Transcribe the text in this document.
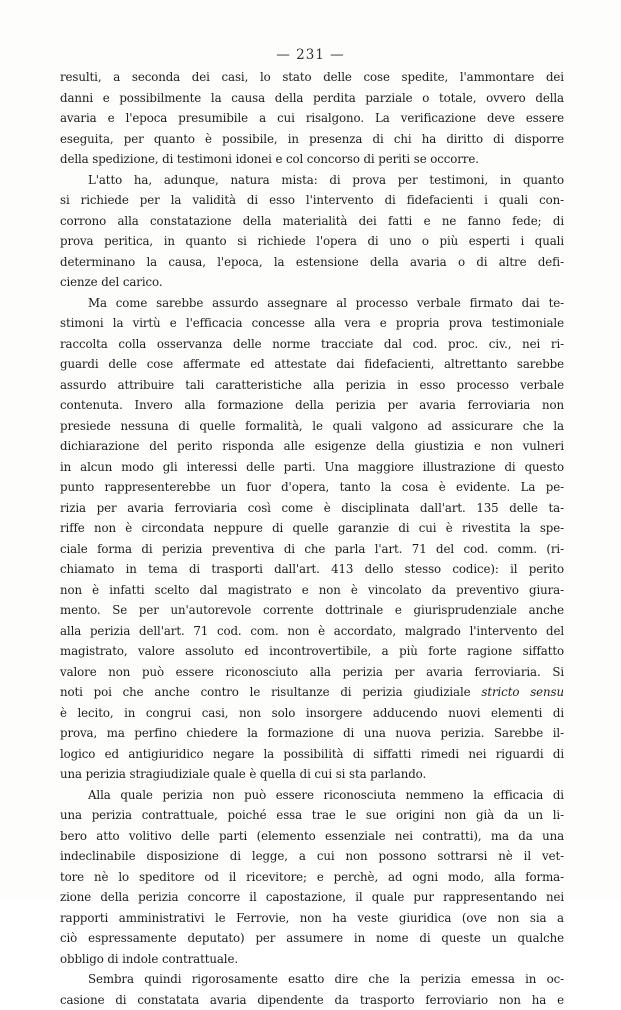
— 231 —
resulti, a seconda dei casi, lo stato delle cose spedite, l'ammontare dei
danni e possibilmente la causa della perdita parziale o totale, ovvero della
avaria e l'epoca presumibile a cui risalgono. La verificazione deve essere
eseguita, per quanto è possibile, in presenza di chi ha diritto di disporre
della spedizione, di testimoni idonei e col concorso di periti se occorre.
L'atto ha, adunque, natura mista: di prova per testimoni, in quanto
si richiede per la validità di esso l'intervento di fidefacienti i quali con-
corrono alla constatazione della materialità dei fatti e ne fanno fede; di
prova peritica, in quanto si richiede l'opera di uno o più esperti i quali
determinano la causa, l'epoca, la estensione della avaria o di altre defi-
cienze del carico.
Ma come sarebbe assurdo assegnare al processo verbale firmato dai te-
stimoni la virtù e l'efficacia concesse alla vera e propria prova testimoniale
raccolta colla osservanza delle norme tracciate dal cod. proc. civ., nei ri-
guardi delle cose affermate ed attestate dai fidefacienti, altrettanto sarebbe
assurdo attribuire tali caratteristiche alla perizia in esso processo verbale
contenuta. Invero alla formazione della perizia per avaria ferroviaria non
presiede nessuna di quelle formalità, le quali valgono ad assicurare che la
dichiarazione del perito risponda alle esigenze della giustizia e non vulneri
in alcun modo gli interessi delle parti. Una maggiore illustrazione di questo
punto rappresenterebbe un fuor d'opera, tanto la cosa è evidente. La pe-
rizia per avaria ferroviaria così come è disciplinata dall'art. 135 delle ta-
riffe non è circondata neppure di quelle garanzie di cui è rivestita la spe-
ciale forma di perizia preventiva di che parla l'art. 71 del cod. comm. (ri-
chiamato in tema di trasporti dall'art. 413 dello stesso codice): il perito
non è infatti scelto dal magistrato e non è vincolato da preventivo giura-
mento. Se per un'autorevole corrente dottrinale e giurisprudenziale anche
alla perizia dell'art. 71 cod. com. non è accordato, malgrado l'intervento del
magistrato, valore assoluto ed incontrovertibile, a più forte ragione siffatto
valore non può essere riconosciuto alla perizia per avaria ferroviaria. Si
noti poi che anche contro le risultanze di perizia giudiziale stricto sensu
è lecito, in congrui casi, non solo insorgere adducendo nuovi elementi di
prova, ma perfino chiedere la formazione di una nuova perizia. Sarebbe il-
logico ed antigiuridico negare la possibilità di siffatti rimedi nei riguardi di
una perizia stragiudiziale quale è quella di cui si sta parlando.
Alla quale perizia non può essere riconosciuta nemmeno la efficacia di
una perizia contrattuale, poiché essa trae le sue origini non già da un li-
bero atto volitivo delle parti (elemento essenziale nei contratti), ma da una
indeclinabile disposizione di legge, a cui non possono sottrarsi nè il vet-
tore nè lo speditore od il ricevitore; e perchè, ad ogni modo, alla forma-
zione della perizia concorre il capostazione, il quale pur rappresentando nei
rapporti amministrativi le Ferrovie, non ha veste giuridica (ove non sia a
ciò espressamente deputato) per assumere in nome di queste un qualche
obbligo di indole contrattuale.
Sembra quindi rigorosamente esatto dire che la perizia emessa in oc-
casione di constatata avaria dipendente da trasporto ferroviario non ha e
